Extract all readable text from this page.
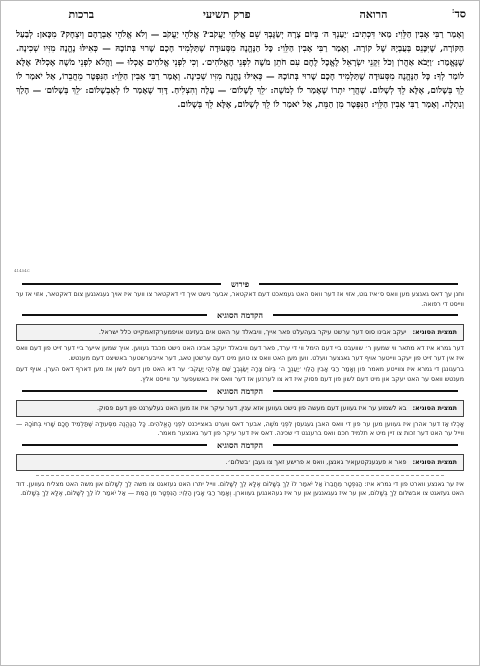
סד:
הרואה
פרק תשיעי
ברכות
וְאָמַר רַבִּי אָבִין הַלֵּוִי: מַאי דִּכְתִיב: ׳יַעַנְךָ ה׳ בְּיוֹם צָרָה יְשַׂגֶּבְךָ שֵׁם אֱלֹהֵי יַעֲקֹב׳? אֱלֹהֵי יַעֲקֹב — וְלֹא אֱלֹהֵי אַבְרָהָם וְיִצְחָק? מִכָּאן: לְבַעַל הַקּוֹרָה, שֶׁיִּכָּנֵס בְּעֻבְיָהּ שֶׁל קוֹרָה. וְאָמַר רַבִּי אָבִין הַלֵּוִי: כָּל הַנֶּהֱנֶה מִסְּעוּדָה שֶׁתַּלְמִיד חָכָם שָׁרוּי בְּתוֹכָהּ — כְּאִילּוּ נֶהֱנֶה מִזִּיו שְׁכִינָה. שֶׁנֶּאֱמַר: ׳וַיָּבֹא אַהֲרֹן וְכֹל זִקְנֵי יִשְׂרָאֵל לֶאֱכָל לֶחֶם עִם חֹתֵן מֹשֶׁה לִפְנֵי הָאֱלֹהִים׳. וְכִי לִפְנֵי אֱלֹהִים אָכְלוּ — וַהֲלֹא לִפְנֵי מֹשֶׁה אָכְלוּ? אֶלָּא לוֹמַר לְךָ: כָּל הַנֶּהֱנֶה מִסְּעוּדָה שֶׁתַּלְמִיד חָכָם שָׁרוּי בְּתוֹכָהּ — כְּאִילּוּ נֶהֱנֶה מִזִּיו שְׁכִינָה. וְאָמַר רַבִּי אָבִין הַלֵּוִי: הַנִּפְטָר מֵחֲבֵרוֹ, אַל יֹאמַר לוֹ לֵךְ בְּשָׁלוֹם, אֶלָּא לֵךְ לְשָׁלוֹם. שֶׁהֲרֵי יִתְרוֹ שֶׁאָמַר לוֹ לְמֹשֶׁה: ׳לֵךְ לְשָׁלוֹם׳ — עָלָה וְהִצְלִיחַ. דָּוִד שֶׁאָמַר לוֹ לְאַבְשָׁלוֹם: ׳לֵךְ בְּשָׁלוֹם׳ — הָלַךְ וְנִתְלָה. וְאָמַר רַבִּי אָבִין הַלֵּוִי: הַנִּפְטָר מִן הַמֵּת, אַל יֹאמַר לוֹ לֵךְ לְשָׁלוֹם, אֶלָּא לֵךְ בְּשָׁלוֹם.
41454C
פירוש
וחנן עך דאס גאנצע מען וואס ס׳איז גוט, אזוי אז דער וואס האט געמאכט דעם דאקטאר, אבער נישט איך די דאקטאר צו ווער איז אויך געגאנגען צום דאקטאר, אזוי אז ער ווייסט די רפואה.
הקדמה הסוגיא
תמצית הסוגיא:יעקב אבינו סוס דער ערשט עיקר בעהעלט פאר אייך, וויבאלד ער האט אים בעזיגט אויפמערקזאמקייט כלל ישראל.
דער גמרא איז דא מתאר ווי שמעון ר׳ שוועבט ביי דעם הימל ווי די ערד, פאר דעם וויבאלד יעקב אבינו האט נישט מכבד געווען. אויך שמען אייער ביי דער זייט פון דעם וואס איז אין דער זייט פון יעקב ווייטער אויף דער גאנצער וועלט. ווען מען האט וואס צו טוען מיט דעם ערשטן טאג, דער אייבערשטער באשיצט דעם מענטש.
ברעגונגן די גמרא איז צווייטע מאמר פון וְאָמַר רַבִּי אָבִין הַלֵּוִי ׳יַעַנְךָ ה׳ בְּיוֹם צָרָה יְשַׂגֶּבְךָ שֵׁם אֱלֹהֵי יַעֲקֹב׳ ער דא האט פון דעם לשון אז מען דארף דאס הערן. אויף דעם מענטש וואס ער האט יעקב און מיט דעם לשון פון דעם פסוק איז דא צו לערנען אז דער וואס איז באשעפער ער ווייסט אלץ.
הקדמה הסוגיא
תמצית הסוגיא:בא לשמוע ער איז געווען דעם מעשה פון נישט געווען אזא ענין, דער עיקר איז אז מען האט געלערנט פון דעם פסוק.
אָכְלוּ אַז דער אהרן איז געווען מען ער פון די וואס האבן געגעסן לִפְנֵי מֹשֶׁה, אבער דאס ווערט באצייכנט לִפְנֵי הָאֱלֹהִים. כָּל הַנֶּהֱנֶה מִסְּעוּדָה שֶׁתַּלְמִיד חָכָם שָׁרוּי בְּתוֹכָהּ — ווייל ער האט דער זכות צו זיין מיט א תלמיד חכם וואס ברענגט די שכינה. דאס איז דער עיקר פון דער גאנצער מאמר.
הקדמה הסוגיא
תמצית הסוגיא:פאר א פעגענקטעןאיר גאנצן, וואס א פרישע זאך צו געבן ׳בשלום׳.
איז ער גאנצע ווארט פון די גמרא איז: הַנִּפְטָר מֵחֲבֵרוֹ אַל יֹאמַר לוֹ לֵךְ בְּשָׁלוֹם אֶלָּא לֵךְ לְשָׁלוֹם. ווייל יתרו האט געזאגט צו משה לֵךְ לְשָׁלוֹם און משה האט מצליח געווען. דוד האט געזאגט צו אבשלום לֵךְ בְּשָׁלוֹם, און ער איז געגאנגען און ער איז געהאנגען געווארן. וְאָמַר רַבִּי אָבִין הַלֵּוִי: הַנִּפְטָר מִן הַמֵּת — אַל יֹאמַר לוֹ לֵךְ לְשָׁלוֹם, אֶלָּא לֵךְ בְּשָׁלוֹם.
